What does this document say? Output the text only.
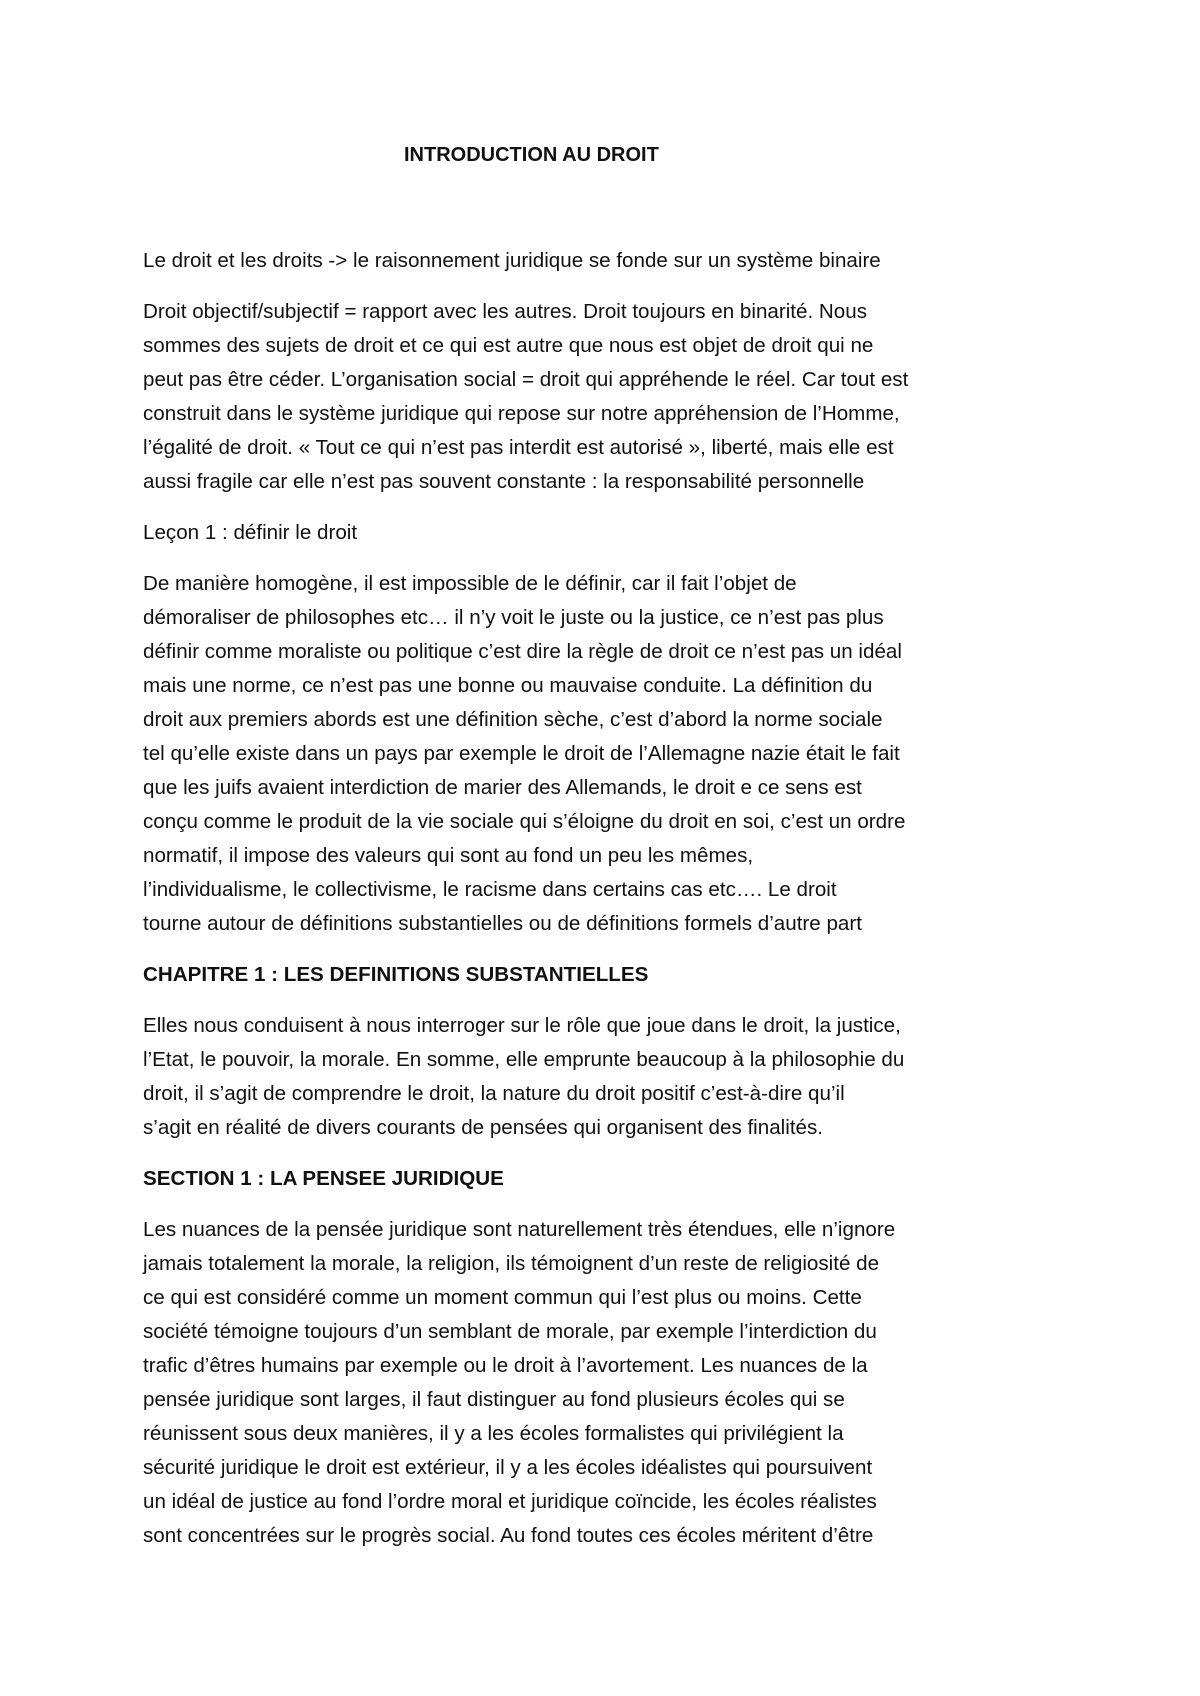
INTRODUCTION AU DROIT
Le droit et les droits -> le raisonnement juridique se fonde sur un système binaire
Droit objectif/subjectif = rapport avec les autres. Droit toujours en binarité. Nous
sommes des sujets de droit et ce qui est autre que nous est objet de droit qui ne
peut pas être céder. L’organisation social = droit qui appréhende le réel. Car tout est
construit dans le système juridique qui repose sur notre appréhension de l’Homme,
l’égalité de droit. « Tout ce qui n’est pas interdit est autorisé », liberté, mais elle est
aussi fragile car elle n’est pas souvent constante : la responsabilité personnelle
Leçon 1 : définir le droit
De manière homogène, il est impossible de le définir, car il fait l’objet de
démoraliser de philosophes etc… il n’y voit le juste ou la justice, ce n’est pas plus
définir comme moraliste ou politique c’est dire la règle de droit ce n’est pas un idéal
mais une norme, ce n’est pas une bonne ou mauvaise conduite. La définition du
droit aux premiers abords est une définition sèche, c’est d’abord la norme sociale
tel qu’elle existe dans un pays par exemple le droit de l’Allemagne nazie était le fait
que les juifs avaient interdiction de marier des Allemands, le droit e ce sens est
conçu comme le produit de la vie sociale qui s’éloigne du droit en soi, c’est un ordre
normatif, il impose des valeurs qui sont au fond un peu les mêmes,
l’individualisme, le collectivisme, le racisme dans certains cas etc…. Le droit
tourne autour de définitions substantielles ou de définitions formels d’autre part
CHAPITRE 1 : LES DEFINITIONS SUBSTANTIELLES
Elles nous conduisent à nous interroger sur le rôle que joue dans le droit, la justice,
l’Etat, le pouvoir, la morale. En somme, elle emprunte beaucoup à la philosophie du
droit, il s’agit de comprendre le droit, la nature du droit positif c’est-à-dire qu’il
s’agit en réalité de divers courants de pensées qui organisent des finalités.
SECTION 1 : LA PENSEE JURIDIQUE
Les nuances de la pensée juridique sont naturellement très étendues, elle n’ignore
jamais totalement la morale, la religion, ils témoignent d’un reste de religiosité de
ce qui est considéré comme un moment commun qui l’est plus ou moins. Cette
société témoigne toujours d’un semblant de morale, par exemple l’interdiction du
trafic d’êtres humains par exemple ou le droit à l’avortement. Les nuances de la
pensée juridique sont larges, il faut distinguer au fond plusieurs écoles qui se
réunissent sous deux manières, il y a les écoles formalistes qui privilégient la
sécurité juridique le droit est extérieur, il y a les écoles idéalistes qui poursuivent
un idéal de justice au fond l’ordre moral et juridique coïncide, les écoles réalistes
sont concentrées sur le progrès social. Au fond toutes ces écoles méritent d’être
